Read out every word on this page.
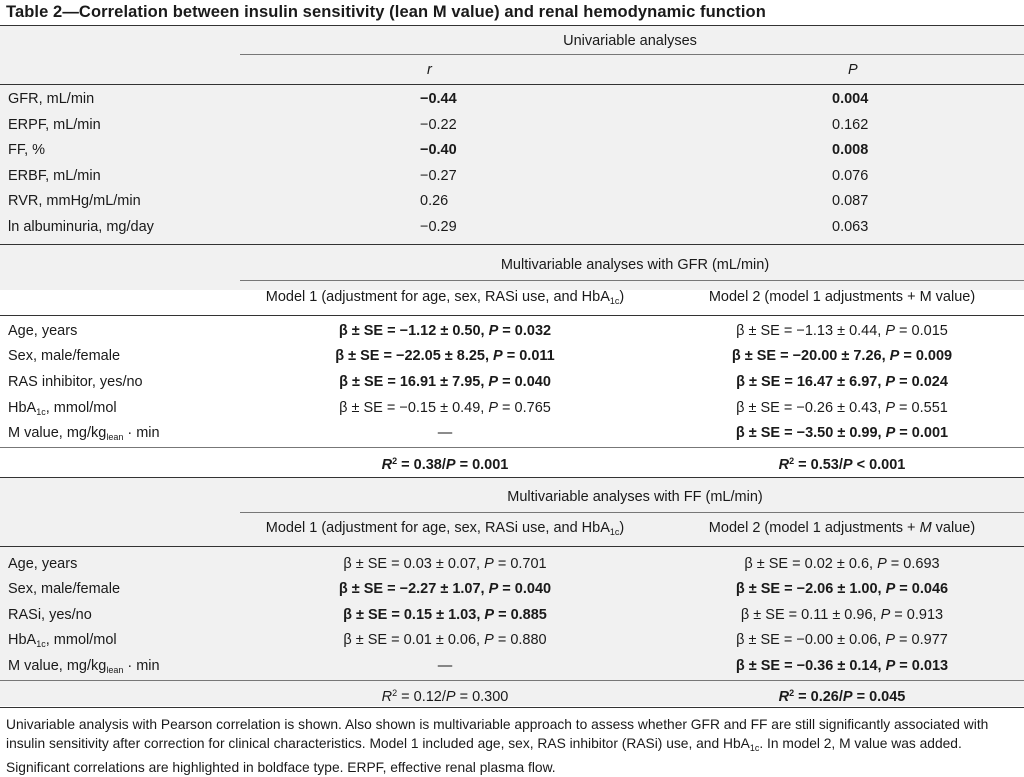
Table 2—Correlation between insulin sensitivity (lean M value) and renal hemodynamic function
Univariable analyses
r	P
GFR, mL/min	−0.44	0.004
ERPF, mL/min	−0.22	0.162
FF, %	−0.40	0.008
ERBF, mL/min	−0.27	0.076
RVR, mmHg/mL/min	0.26	0.087
ln albuminuria, mg/day	−0.29	0.063
Multivariable analyses with GFR (mL/min)
Model 1 (adjustment for age, sex, RASi use, and HbA$_{1c}$)	Model 2 (model 1 adjustments + M value)
Age, years	β ± SE = −1.12 ± 0.50, P = 0.032	β ± SE = −1.13 ± 0.44, P = 0.015
Sex, male/female	β ± SE = −22.05 ± 8.25, P = 0.011	β ± SE = −20.00 ± 7.26, P = 0.009
RAS inhibitor, yes/no	β ± SE = 16.91 ± 7.95, P = 0.040	β ± SE = 16.47 ± 6.97, P = 0.024
HbA$_{1c}$, mmol/mol	β ± SE = −0.15 ± 0.49, P = 0.765	β ± SE = −0.26 ± 0.43, P = 0.551
M value, $mg/kg_{lean} \cdot \min$	—	β ± SE = −3.50 ± 0.99, P = 0.001
$R^2 = 0.38/P = 0.001$	$R^2 = 0.53/P < 0.001$
Multivariable analyses with FF (mL/min)
Model 1 (adjustment for age, sex, RASi use, and HbA$_{1c}$)	Model 2 (model 1 adjustments + M value)
Age, years	β ± SE = 0.03 ± 0.07, P = 0.701	β ± SE = 0.02 ± 0.6, P = 0.693
Sex, male/female	β ± SE = −2.27 ± 1.07, P = 0.040	β ± SE = −2.06 ± 1.00, P = 0.046
RASi, yes/no	β ± SE = 0.15 ± 1.03, P = 0.885	β ± SE = 0.11 ± 0.96, P = 0.913
HbA$_{1c}$, mmol/mol	β ± SE = 0.01 ± 0.06, P = 0.880	β ± SE = −0.00 ± 0.06, P = 0.977
M value, $mg/kg_{lean} \cdot \min$	—	β ± SE = −0.36 ± 0.14, P = 0.013
$R^2 = 0.12/P = 0.300$	$R^2 = 0.26/P = 0.045$
Univariable analysis with Pearson correlation is shown. Also shown is multivariable approach to assess whether GFR and FF are still significantly associated with insulin sensitivity after correction for clinical characteristics. Model 1 included age, sex, RAS inhibitor (RASi) use, and HbA$_{1c}$. In model 2, M value was added. Significant correlations are highlighted in boldface type. ERPF, effective renal plasma flow.
